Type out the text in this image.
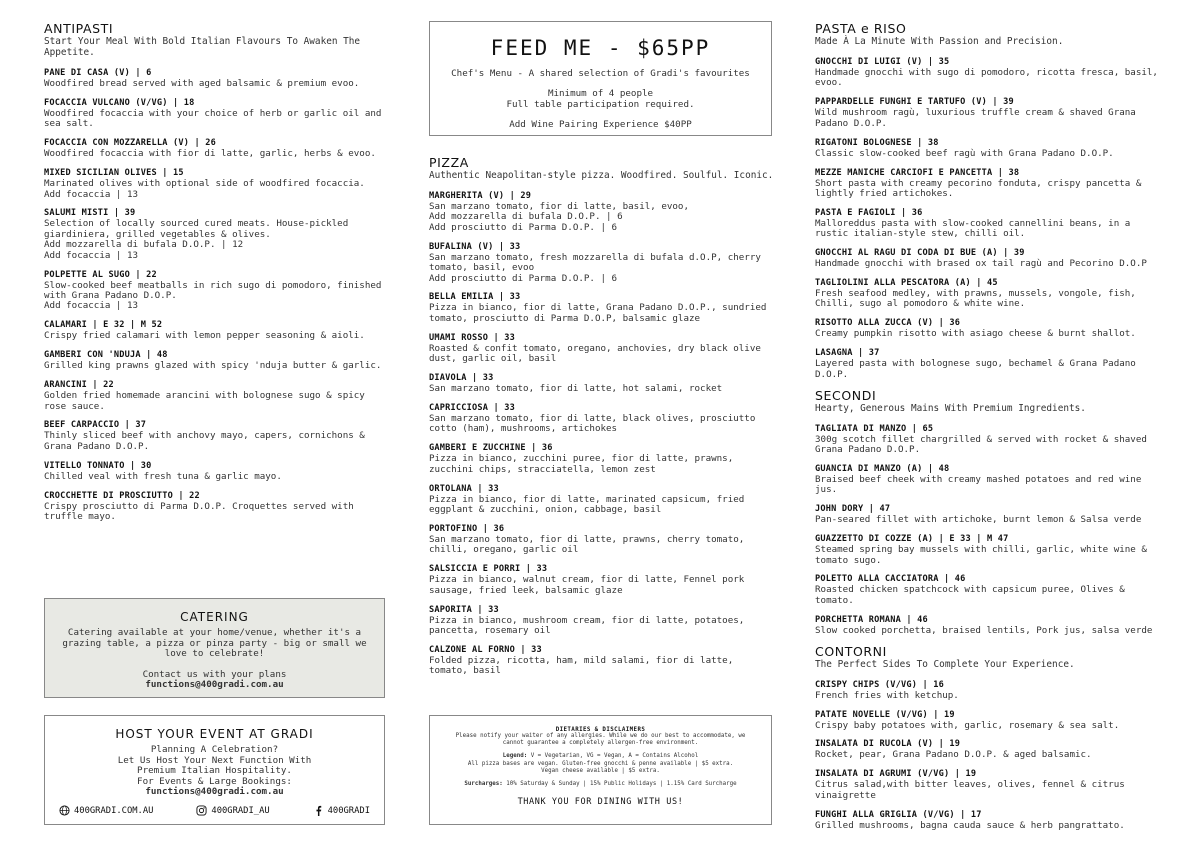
ANTIPASTI
Start Your Meal With Bold Italian Flavours To Awaken The Appetite.
PANE DI CASA (V) | 6
Woodfired bread served with aged balsamic & premium evoo.
FOCACCIA VULCANO (V/VG) | 18
Woodfired focaccia with your choice of herb or garlic oil and sea salt.
FOCACCIA CON MOZZARELLA (V) | 26
Woodfired focaccia with fior di latte, garlic, herbs & evoo.
MIXED SICILIAN OLIVES | 15
Marinated olives with optional side of woodfired focaccia.
Add focaccia | 13
SALUMI MISTI | 39
Selection of locally sourced cured meats. House-pickled giardiniera, grilled vegetables & olives.
Add mozzarella di bufala D.O.P. | 12
Add focaccia | 13
POLPETTE AL SUGO | 22
Slow-cooked beef meatballs in rich sugo di pomodoro, finished with Grana Padano D.O.P.
Add focaccia | 13
CALAMARI | E 32 | M 52
Crispy fried calamari with lemon pepper seasoning & aioli.
GAMBERI CON 'NDUJA | 48
Grilled king prawns glazed with spicy 'nduja butter & garlic.
ARANCINI | 22
Golden fried homemade arancini with bolognese sugo & spicy rose sauce.
BEEF CARPACCIO | 37
Thinly sliced beef with anchovy mayo, capers, cornichons & Grana Padano D.O.P.
VITELLO TONNATO | 30
Chilled veal with fresh tuna & garlic mayo.
CROCCHETTE DI PROSCIUTTO | 22
Crispy prosciutto di Parma D.O.P. Croquettes served with truffle mayo.
CATERING
Catering available at your home/venue, whether it's a grazing table, a pizza or pinza party - big or small we love to celebrate!
Contact us with your plans
functions@400gradi.com.au
HOST YOUR EVENT AT GRADI
Planning A Celebration?
Let Us Host Your Next Function With
Premium Italian Hospitality.
For Events & Large Bookings:
functions@400gradi.com.au
400GRADI.COM.AU	400GRADI_AU	400GRADI
FEED ME - $65PP
Chef's Menu - A shared selection of Gradi's favourites
Minimum of 4 people
Full table participation required.
Add Wine Pairing Experience $40PP
PIZZA
Authentic Neapolitan-style pizza. Woodfired. Soulful. Iconic.
MARGHERITA (V) | 29
San marzano tomato, fior di latte, basil, evoo,
Add mozzarella di bufala D.O.P. | 6
Add prosciutto di Parma D.O.P. | 6
BUFALINA (V) | 33
San marzano tomato, fresh mozzarella di bufala d.O.P, cherry tomato, basil, evoo
Add prosciutto di Parma D.O.P. | 6
BELLA EMILIA | 33
Pizza in bianco, fior di latte, Grana Padano D.O.P., sundried tomato, prosciutto di Parma D.O.P, balsamic glaze
UMAMI ROSSO | 33
Roasted & confit tomato, oregano, anchovies, dry black olive dust, garlic oil, basil
DIAVOLA | 33
San marzano tomato, fior di latte, hot salami, rocket
CAPRICCIOSA | 33
San marzano tomato, fior di latte, black olives, prosciutto cotto (ham), mushrooms, artichokes
GAMBERI E ZUCCHINE | 36
Pizza in bianco, zucchini puree, fior di latte, prawns, zucchini chips, stracciatella, lemon zest
ORTOLANA | 33
Pizza in bianco, fior di latte, marinated capsicum, fried eggplant & zucchini, onion, cabbage, basil
PORTOFINO | 36
San marzano tomato, fior di latte, prawns, cherry tomato, chilli, oregano, garlic oil
SALSICCIA E PORRI | 33
Pizza in bianco, walnut cream, fior di latte, Fennel pork sausage, fried leek, balsamic glaze
SAPORITA | 33
Pizza in bianco, mushroom cream, fior di latte, potatoes, pancetta, rosemary oil
CALZONE AL FORNO | 33
Folded pizza, ricotta, ham, mild salami, fior di latte, tomato, basil
DIETARIES & DISCLAIMERS
Please notify your waiter of any allergies. While we do our best to accommodate, we cannot guarantee a completely allergen-free environment.
Legend: V = Vegetarian, VG = Vegan, A = Contains Alcohol
All pizza bases are vegan. Gluten-free gnocchi & penne available | $5 extra.
Vegan cheese available | $5 extra.
Surcharges: 10% Saturday & Sunday | 15% Public Holidays | 1.15% Card Surcharge
THANK YOU FOR DINING WITH US!
PASTA e RISO
Made À La Minute With Passion and Precision.
GNOCCHI DI LUIGI (V) | 35
Handmade gnocchi with sugo di pomodoro, ricotta fresca, basil, evoo.
PAPPARDELLE FUNGHI E TARTUFO (V) | 39
Wild mushroom ragù, luxurious truffle cream & shaved Grana Padano D.O.P.
RIGATONI BOLOGNESE | 38
Classic slow-cooked beef ragù with Grana Padano D.O.P.
MEZZE MANICHE CARCIOFI E PANCETTA | 38
Short pasta with creamy pecorino fonduta, crispy pancetta & lightly fried artichokes.
PASTA E FAGIOLI | 36
Malloreddus pasta with slow-cooked cannellini beans, in a rustic italian-style stew, chilli oil.
GNOCCHI AL RAGU DI CODA DI BUE (A) | 39
Handmade gnocchi with brased ox tail ragù and Pecorino D.O.P
TAGLIOLINI ALLA PESCATORA (A) | 45
Fresh seafood medley, with prawns, mussels, vongole, fish, Chilli, sugo al pomodoro & white wine.
RISOTTO ALLA ZUCCA (V) | 36
Creamy pumpkin risotto with asiago cheese & burnt shallot.
LASAGNA | 37
Layered pasta with bolognese sugo, bechamel & Grana Padano D.O.P.
SECONDI
Hearty, Generous Mains With Premium Ingredients.
TAGLIATA DI MANZO | 65
300g scotch fillet chargrilled & served with rocket & shaved Grana Padano D.O.P.
GUANCIA DI MANZO (A) | 48
Braised beef cheek with creamy mashed potatoes and red wine jus.
JOHN DORY | 47
Pan-seared fillet with artichoke, burnt lemon & Salsa verde
GUAZZETTO DI COZZE (A) | E 33 | M 47
Steamed spring bay mussels with chilli, garlic, white wine & tomato sugo.
POLETTO ALLA CACCIATORA | 46
Roasted chicken spatchcock with capsicum puree, Olives & tomato.
PORCHETTA ROMANA | 46
Slow cooked porchetta, braised lentils, Pork jus, salsa verde
CONTORNI
The Perfect Sides To Complete Your Experience.
CRISPY CHIPS (V/VG) | 16
French fries with ketchup.
PATATE NOVELLE (V/VG) | 19
Crispy baby potatoes with, garlic, rosemary & sea salt.
INSALATA DI RUCOLA (V) | 19
Rocket, pear, Grana Padano D.O.P. & aged balsamic.
INSALATA DI AGRUMI (V/VG) | 19
Citrus salad,with bitter leaves, olives, fennel & citrus vinaigrette
FUNGHI ALLA GRIGLIA (V/VG) | 17
Grilled mushrooms, bagna cauda sauce & herb pangrattato.
